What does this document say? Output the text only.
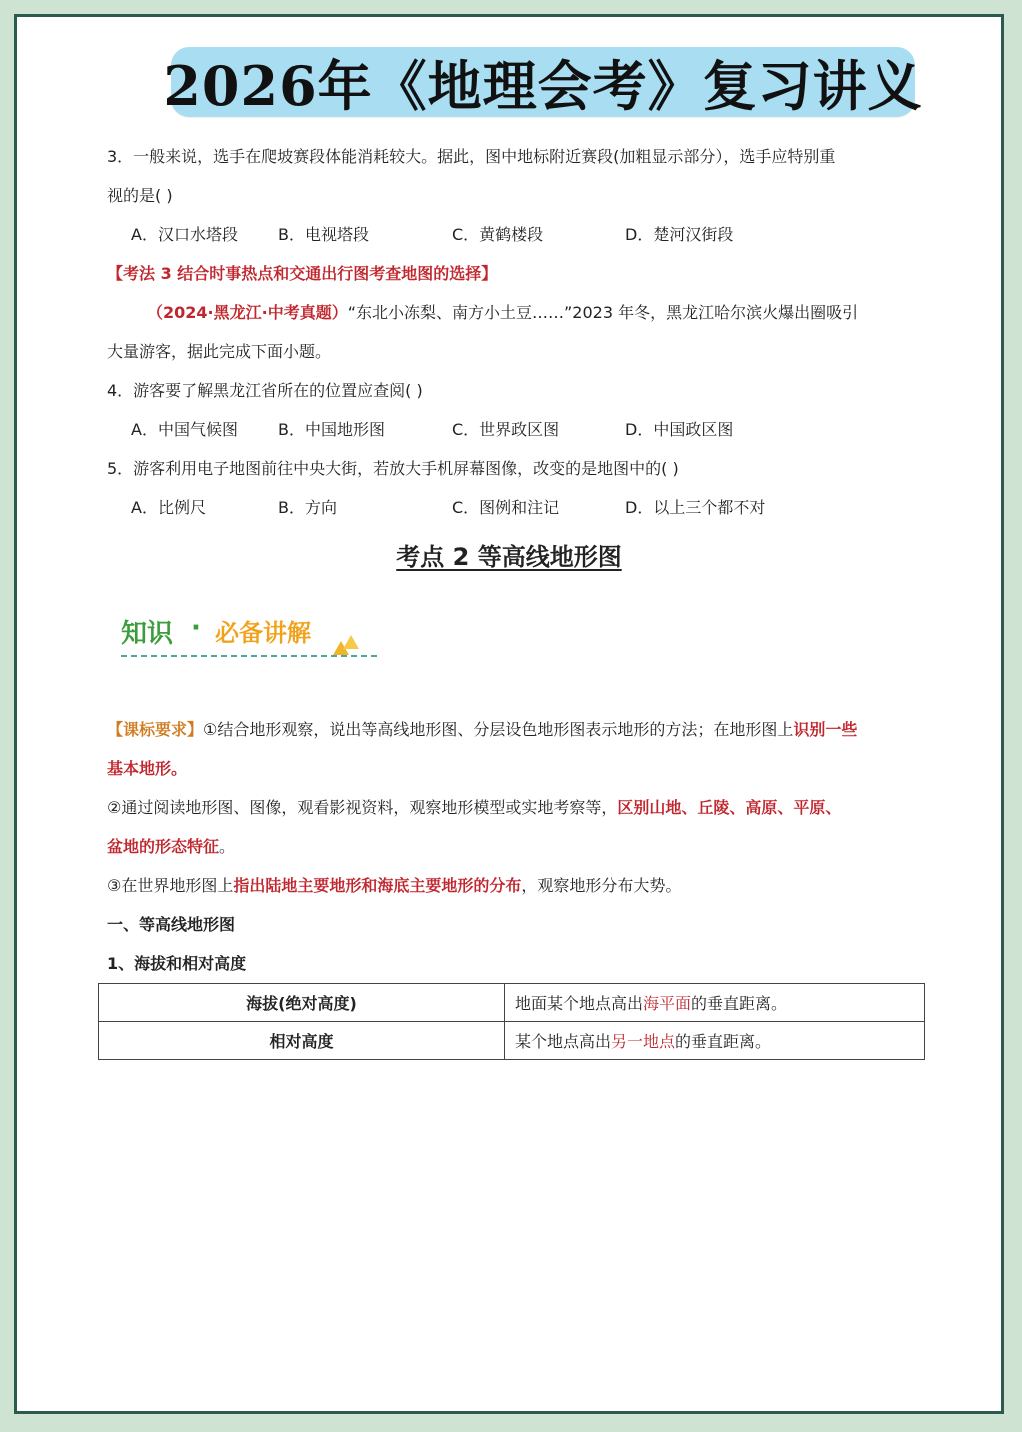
2026年《地理会考》复习讲义
3．一般来说，选手在爬坡赛段体能消耗较大。据此，图中地标附近赛段(加粗显示部分），选手应特别重
视的是( )
A．汉口水塔段	B．电视塔段	C．黄鹤楼段	D．楚河汉街段
【考法 3 结合时事热点和交通出行图考查地图的选择】
（2024·黑龙江·中考真题）“东北小冻梨、南方小土豆……”2023 年冬，黑龙江哈尔滨火爆出圈吸引
大量游客，据此完成下面小题。
4．游客要了解黑龙江省所在的位置应查阅( )
A．中国气候图	B．中国地形图	C．世界政区图	D．中国政区图
5．游客利用电子地图前往中央大街，若放大手机屏幕图像，改变的是地图中的( )
A．比例尺	B．方向	C．图例和注记	D．以上三个都不对
考点 2 等高线地形图
知识 · 必备讲解
【课标要求】①结合地形观察，说出等高线地形图、分层设色地形图表示地形的方法；在地形图上识别一些
基本地形。
②通过阅读地形图、图像，观看影视资料，观察地形模型或实地考察等，区别山地、丘陵、高原、平原、
盆地的形态特征。
③在世界地形图上指出陆地主要地形和海底主要地形的分布，观察地形分布大势。
一、等高线地形图
1、海拔和相对高度
海拔(绝对高度)	地面某个地点高出海平面的垂直距离。
相对高度	某个地点高出另一地点的垂直距离。
